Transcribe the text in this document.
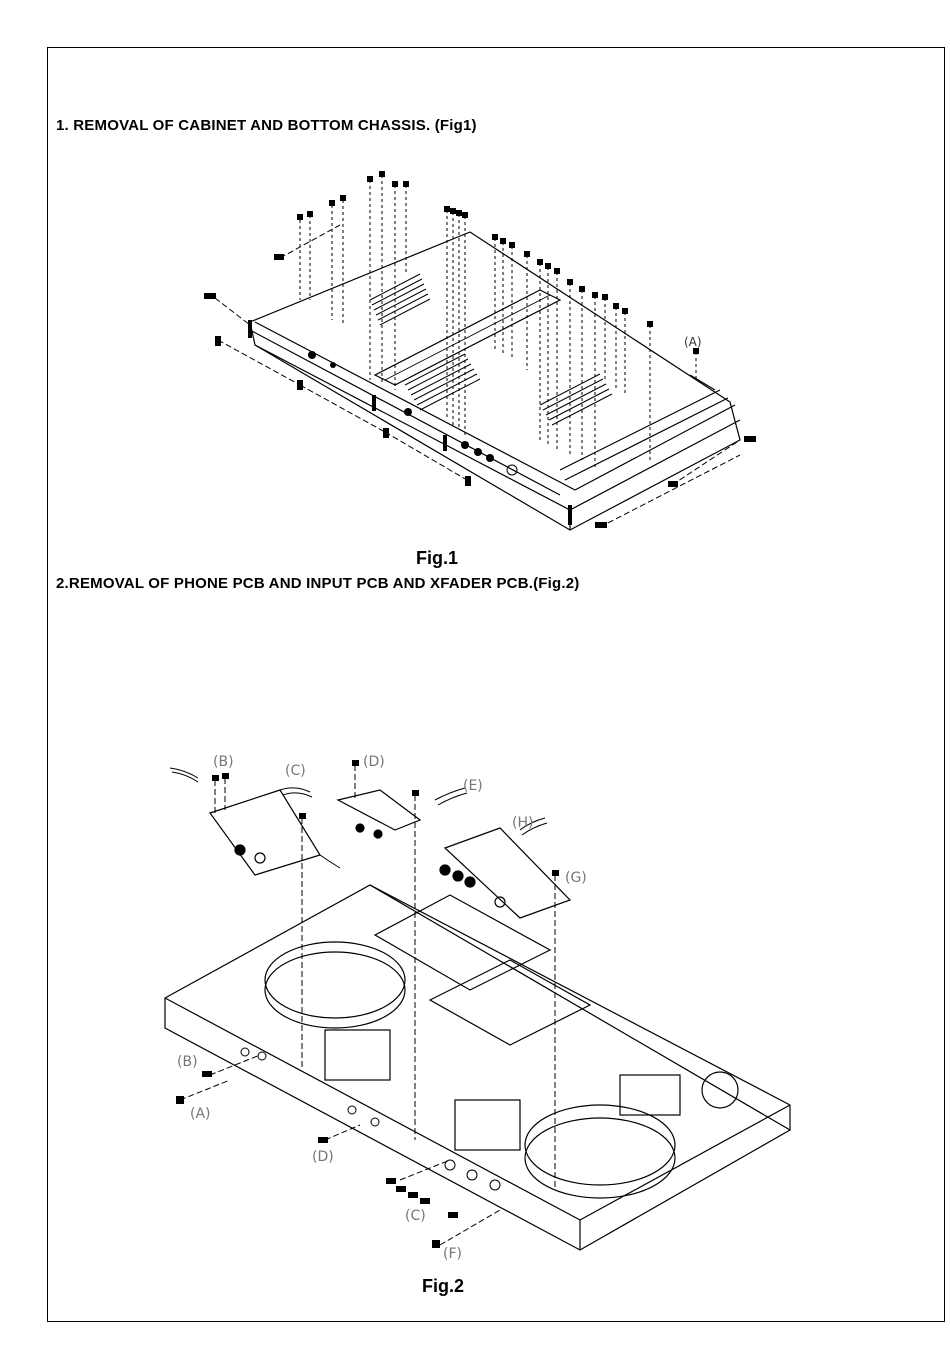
1. REMOVAL OF CABINET AND BOTTOM CHASSIS. (Fig1)
(A)
Fig.1
2.REMOVAL OF PHONE PCB AND INPUT PCB AND XFADER PCB.(Fig.2)
(B)
(C)
(D)
(E)
(H)
(G)
(B)
(A)
(D)
(C)
(F)
Fig.2
